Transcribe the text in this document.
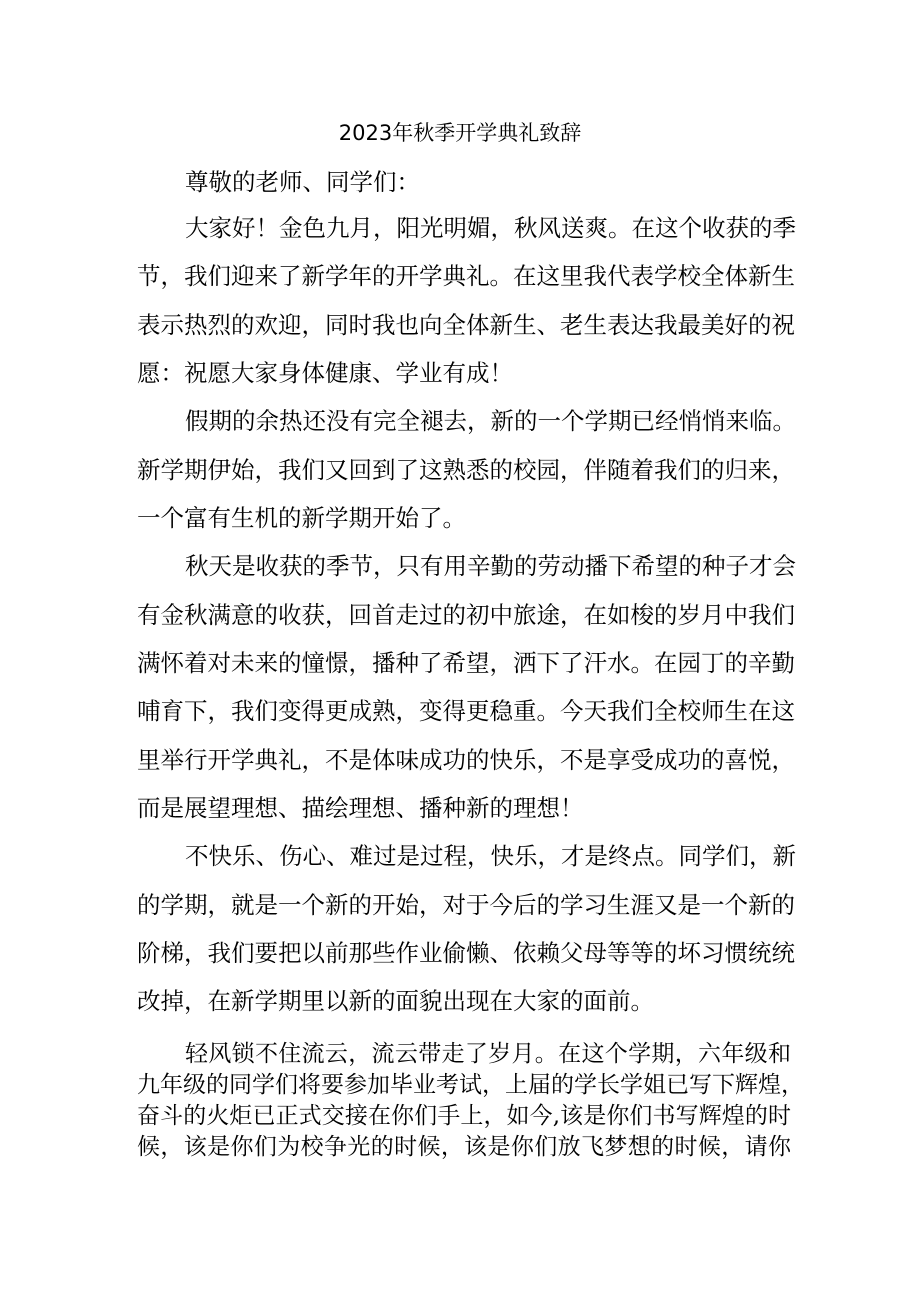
2023年秋季开学典礼致辞
尊敬的老师、同学们：
大家好！金色九月，阳光明媚，秋风送爽。在这个收获的季
节，我们迎来了新学年的开学典礼。在这里我代表学校全体新生
表示热烈的欢迎，同时我也向全体新生、老生表达我最美好的祝
愿：祝愿大家身体健康、学业有成！
假期的余热还没有完全褪去，新的一个学期已经悄悄来临。
新学期伊始，我们又回到了这熟悉的校园，伴随着我们的归来，
一个富有生机的新学期开始了。
秋天是收获的季节，只有用辛勤的劳动播下希望的种子才会
有金秋满意的收获，回首走过的初中旅途，在如梭的岁月中我们
满怀着对未来的憧憬，播种了希望，洒下了汗水。在园丁的辛勤
哺育下，我们变得更成熟，变得更稳重。今天我们全校师生在这
里举行开学典礼，不是体味成功的快乐，不是享受成功的喜悦，
而是展望理想、描绘理想、播种新的理想！
不快乐、伤心、难过是过程，快乐，才是终点。同学们，新
的学期，就是一个新的开始，对于今后的学习生涯又是一个新的
阶梯，我们要把以前那些作业偷懒、依赖父母等等的坏习惯统统
改掉，在新学期里以新的面貌出现在大家的面前。
轻风锁不住流云，流云带走了岁月。在这个学期，六年级和
九年级的同学们将要参加毕业考试，上届的学长学姐已写下辉煌，
奋斗的火炬已正式交接在你们手上，如今,该是你们书写辉煌的时
候，该是你们为校争光的时候，该是你们放飞梦想的时候，请你
